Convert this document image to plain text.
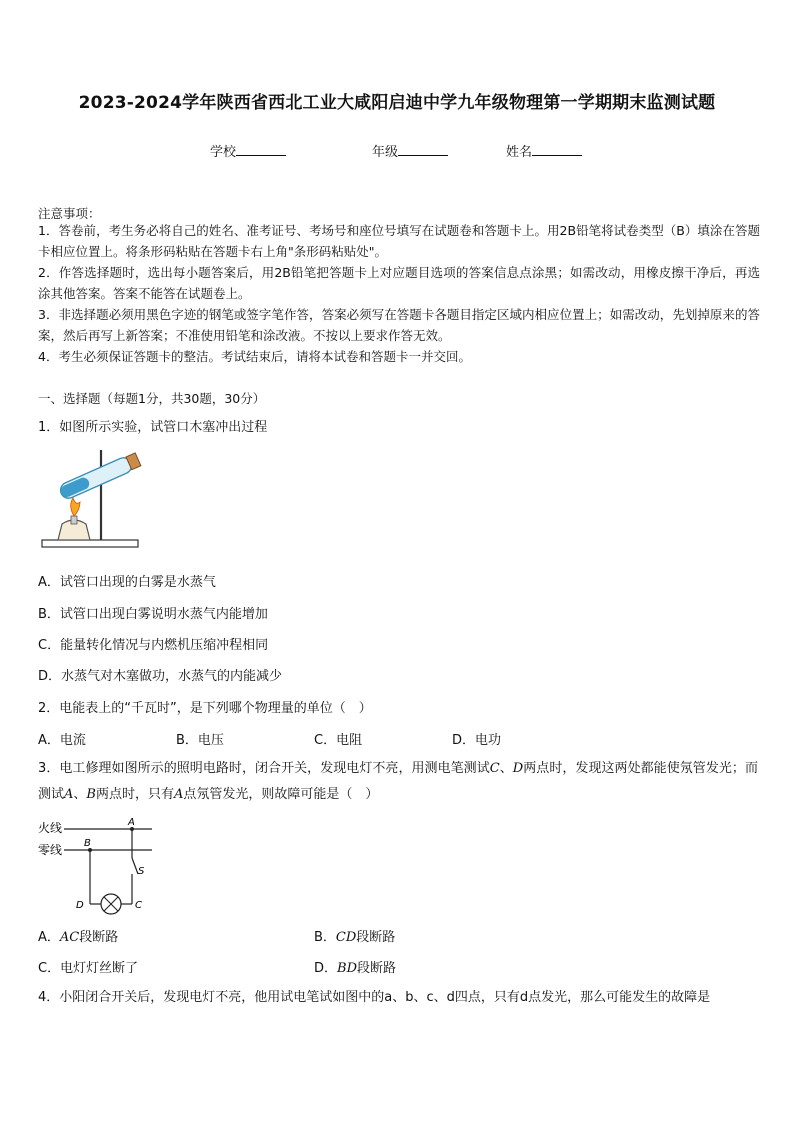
2023-2024学年陕西省西北工业大咸阳启迪中学九年级物理第一学期期末监测试题
学校	年级	姓名
注意事项：
1．答卷前，考生务必将自己的姓名、准考证号、考场号和座位号填写在试题卷和答题卡上。用2B铅笔将试卷类型（B）填涂在答题卡相应位置上。将条形码粘贴在答题卡右上角"条形码粘贴处"。
2．作答选择题时，选出每小题答案后，用2B铅笔把答题卡上对应题目选项的答案信息点涂黑；如需改动，用橡皮擦干净后，再选涂其他答案。答案不能答在试题卷上。
3．非选择题必须用黑色字迹的钢笔或签字笔作答，答案必须写在答题卡各题目指定区域内相应位置上；如需改动，先划掉原来的答案，然后再写上新答案；不准使用铅笔和涂改液。不按以上要求作答无效。
4．考生必须保证答题卡的整洁。考试结束后，请将本试卷和答题卡一并交回。
一、选择题（每题1分，共30题，30分）
1．如图所示实验，试管口木塞冲出过程
A．试管口出现的白雾是水蒸气
B．试管口出现白雾说明水蒸气内能增加
C．能量转化情况与内燃机压缩冲程相同
D．水蒸气对木塞做功，水蒸气的内能减少
2．电能表上的“千瓦时”，是下列哪个物理量的单位（　）
A．电流	B．电压	C．电阻	D．电功
3．电工修理如图所示的照明电路时，闭合开关，发现电灯不亮，用测电笔测试C、D两点时，发现这两处都能使氖管发光；而测试A、B两点时，只有A点氖管发光，则故障可能是（　）
火线
零线
A
B
S
D	C
A．AC段断路	B．CD段断路
C．电灯灯丝断了	D．BD段断路
4．小阳闭合开关后，发现电灯不亮，他用试电笔试如图中的a、b、c、d四点，只有d点发光，那么可能发生的故障是
